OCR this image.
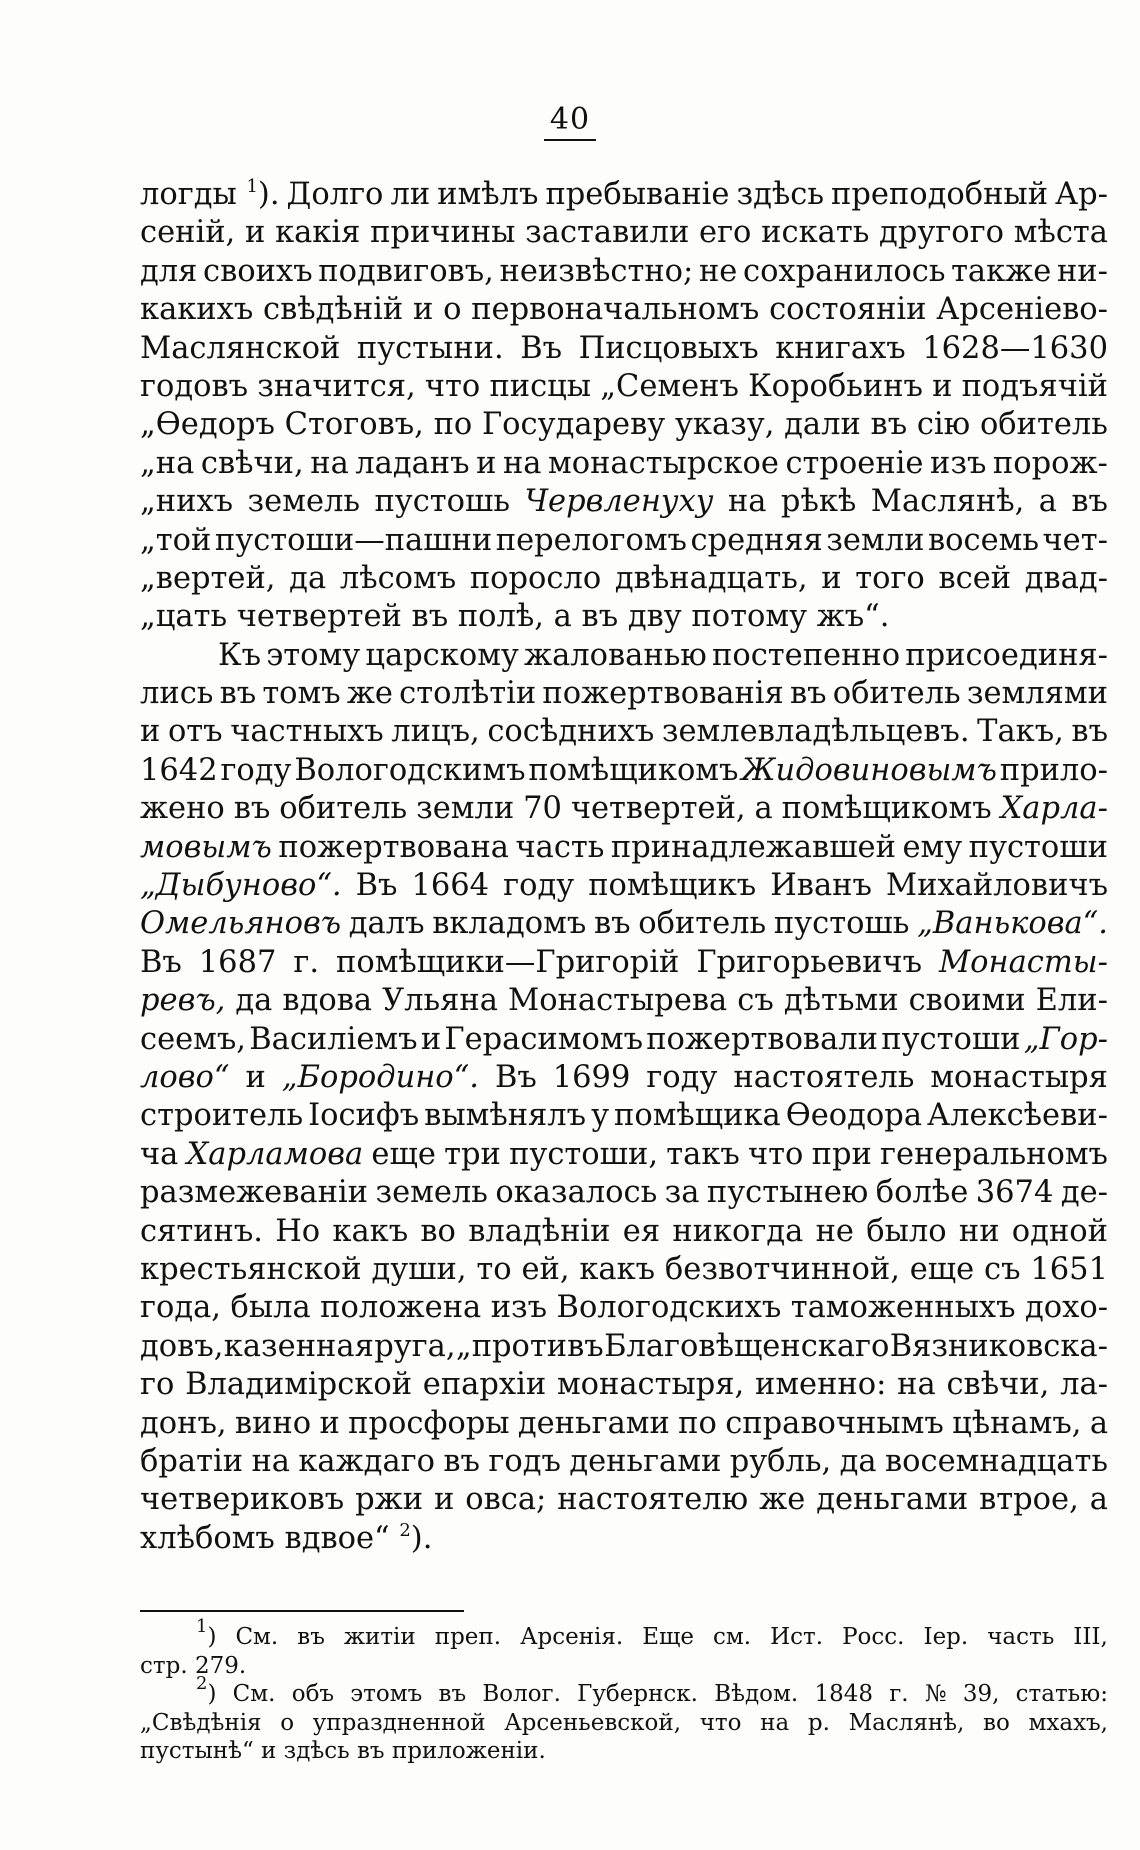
40
логды $^1$). Долго ли имѣлъ пребываніе здѣсь преподобный Ар-
сеній, и какія причины заставили его искать другого мѣста
для своихъ подвиговъ, неизвѣстно; не сохранилось также ни-
какихъ свѣдѣній и о первоначальномъ состояніи Арсеніево-
Маслянской пустыни. Въ Писцовыхъ книгахъ 1628—1630
годовъ значится, что писцы „Семенъ Коробьинъ и подъячій
„Өедоръ Стоговъ, по Государеву указу, дали въ сію обитель
„на свѣчи, на ладанъ и на монастырское строеніе изъ порож-
„нихъ земель пустошь Червленуху на рѣкѣ Маслянѣ, а въ
„той пустоши—пашни перелогомъ средняя земли восемь чет-
„вертей, да лѣсомъ поросло двѣнадцать, и того всей двад-
„цать четвертей въ полѣ, а въ дву потому жъ“.
Къ этому царскому жалованью постепенно присоединя-
лись въ томъ же столѣтіи пожертвованія въ обитель землями
и отъ частныхъ лицъ, сосѣднихъ землевладѣльцевъ. Такъ, въ
1642 году Вологодскимъ помѣщикомъ Жидовиновымъ прило-
жено въ обитель земли 70 четвертей, а помѣщикомъ Харла-
мовымъ пожертвована часть принадлежавшей ему пустоши
„Дыбуново“. Въ 1664 году помѣщикъ Иванъ Михайловичъ
Омельяновъ далъ вкладомъ въ обитель пустошь „Ванькова“.
Въ 1687 г. помѣщики—Григорій Григорьевичъ Монасты-
ревъ, да вдова Ульяна Монастырева съ дѣтьми своими Ели-
сеемъ, Василіемъ и Герасимомъ пожертвовали пустоши „Гор-
лово“ и „Бородино“. Въ 1699 году настоятель монастыря
строитель Іосифъ вымѣнялъ у помѣщика Өеодора Алексѣеви-
ча Харламова еще три пустоши, такъ что при генеральномъ
размежеваніи земель оказалось за пустынею болѣе 3674 де-
сятинъ. Но какъ во владѣніи ея никогда не было ни одной
крестьянской души, то ей, какъ безвотчинной, еще съ 1651
года, была положена изъ Вологодскихъ таможенныхъ дохо-
довъ, казенная руга, „противъ Благовѣщенскаго Вязниковска-
го Владимірской епархіи монастыря, именно: на свѣчи, ла-
донъ, вино и просфоры деньгами по справочнымъ цѣнамъ, а
братіи на каждаго въ годъ деньгами рубль, да восемнадцать
четвериковъ ржи и овса; настоятелю же деньгами втрое, а
хлѣбомъ вдвое“ $^2$).
$^1$) См. въ житіи преп. Арсенія. Еще см. Ист. Росс. Іер. часть III,
стр. 279.
$^2$) См. объ этомъ въ Волог. Губернск. Вѣдом. 1848 г. № 39, статью:
„Свѣдѣнія о упраздненной Арсеньевской, что на р. Маслянѣ, во мхахъ,
пустынѣ“ и здѣсь въ приложеніи.
